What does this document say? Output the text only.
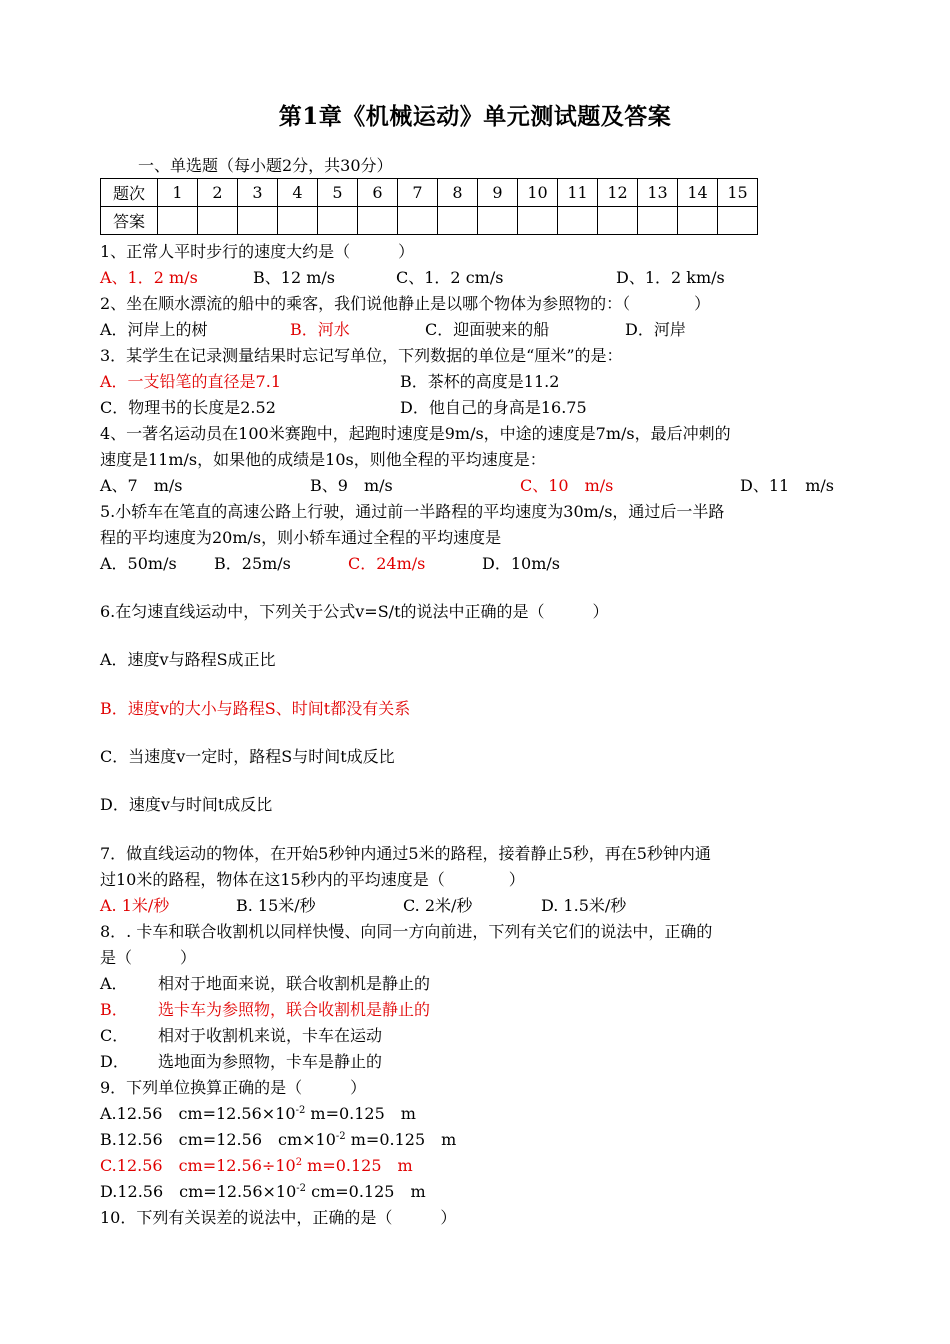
第1章《机械运动》单元测试题及答案
一、单选题（每小题2分，共30分）
题次	1	2	3	4	5	6	7	8	9	10	11	12	13	14	15
答案															
1、正常人平时步行的速度大约是（　　　）

A、1．2 m/s

	B、12 m/s

	C、1．2 cm/s

	D、1．2 km/s

2、坐在顺水漂流的船中的乘客，我们说他静止是以哪个物体为参照物的：（　　　　）

A．河岸上的树

	B．河水

	C．迎面驶来的船

	D．河岸

3．某学生在记录测量结果时忘记写单位，下列数据的单位是“厘米”的是：

A．一支铅笔的直径是7.1

	B．茶杯的高度是11.2

C．物理书的长度是2.52

	D．他自己的身高是16.75

4、一著名运动员在100米赛跑中，起跑时速度是9m/s，中途的速度是7m/s，最后冲刺的
速度是11m/s，如果他的成绩是10s，则他全程的平均速度是：

A、7　m/s

	B、9　m/s

	C、10　m/s

	D、11　m/s

5.小轿车在笔直的高速公路上行驶，通过前一半路程的平均速度为30m/s，通过后一半路
程的平均速度为20m/s，则小轿车通过全程的平均速度是

A．50m/s

B．25m/s

	C．24m/s

	D．10m/s

6.在匀速直线运动中，下列关于公式v=S/t的说法中正确的是（　　　）
A．速度v与路程S成正比
B．速度v的大小与路程S、时间t都没有关系
C．当速度v一定时，路程S与时间t成反比
D．速度v与时间t成反比
7．做直线运动的物体，在开始5秒钟内通过5米的路程，接着静止5秒，再在5秒钟内通
过10米的路程，物体在这15秒内的平均速度是（　　　　）

A. 1米/秒

	B. 15米/秒

	C. 2米/秒

	D. 1.5米/秒

8．. 卡车和联合收割机以同样快慢、向同一方向前进，下列有关它们的说法中，正确的
是（　　　）

A．

相对于地面来说，联合收割机是静止的

B．

选卡车为参照物，联合收割机是静止的

C．

相对于收割机来说，卡车在运动

D．

选地面为参照物，卡车是静止的

9．下列单位换算正确的是（　　　）
A.12.56　$cm=12.56\times 10^{-2}$ m=0.125　m
B.12.56　cm=12.56　$cm\times 10^{-2}$ m=0.125　m
C.12.56　$cm=12.56\div 10^2$ m=0.125　m
D.12.56　$cm=12.56\times 10^{-2}$ cm=0.125　m
10．下列有关误差的说法中，正确的是（　　　）
